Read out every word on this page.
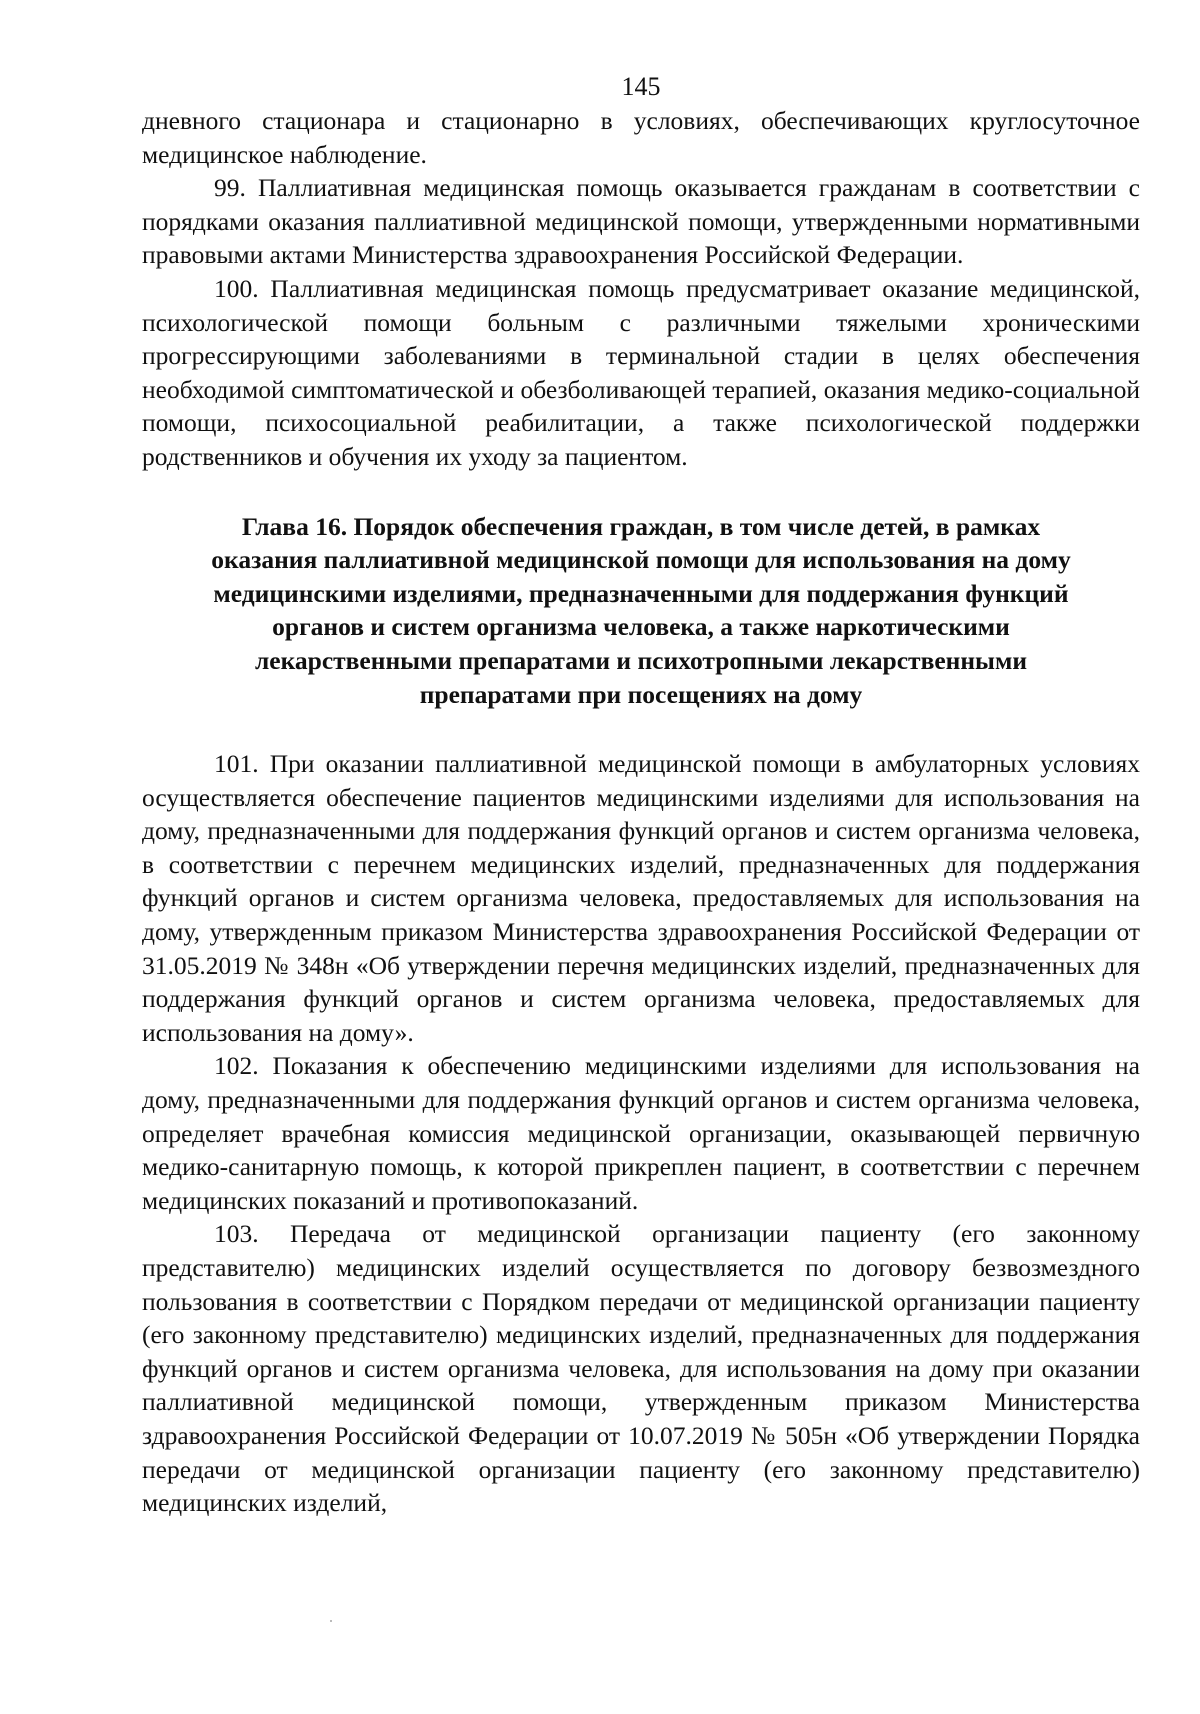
145

дневного стационара и стационарно в условиях, обеспечивающих круглосуточное медицинское наблюдение.

99. Паллиативная медицинская помощь оказывается гражданам в соответствии с порядками оказания паллиативной медицинской помощи, утвержденными нормативными правовыми актами Министерства здравоохранения Российской Федерации.

100. Паллиативная медицинская помощь предусматривает оказание медицинской, психологической помощи больным с различными тяжелыми хроническими прогрессирующими заболеваниями в терминальной стадии в целях обеспечения необходимой симптоматической и обезболивающей терапией, оказания медико-социальной помощи, психосоциальной реабилитации, а также психологической поддержки родственников и обучения их уходу за пациентом.

Глава 16. Порядок обеспечения граждан, в том числе детей, в рамках
оказания паллиативной медицинской помощи для использования на дому
медицинскими изделиями, предназначенными для поддержания функций
органов и систем организма человека, а также наркотическими
лекарственными препаратами и психотропными лекарственными
препаратами при посещениях на дому

101. При оказании паллиативной медицинской помощи в амбулаторных условиях осуществляется обеспечение пациентов медицинскими изделиями для использования на дому, предназначенными для поддержания функций органов и систем организма человека, в соответствии с перечнем медицинских изделий, предназначенных для поддержания функций органов и систем организма человека, предоставляемых для использования на дому, утвержденным приказом Министерства здравоохранения Российской Федерации от 31.05.2019 № 348н «Об утверждении перечня медицинских изделий, предназначенных для поддержания функций органов и систем организма человека, предоставляемых для использования на дому».

102. Показания к обеспечению медицинскими изделиями для использования на дому, предназначенными для поддержания функций органов и систем организма человека, определяет врачебная комиссия медицинской организации, оказывающей первичную медико-санитарную помощь, к которой прикреплен пациент, в соответствии с перечнем медицинских показаний и противопоказаний.

103. Передача от медицинской организации пациенту (его законному представителю) медицинских изделий осуществляется по договору безвозмездного пользования в соответствии с Порядком передачи от медицинской организации пациенту (его законному представителю) медицинских изделий, предназначенных для поддержания функций органов и систем организма человека, для использования на дому при оказании паллиативной медицинской помощи, утвержденным приказом Министерства здравоохранения Российской Федерации от 10.07.2019 № 505н «Об утверждении Порядка передачи от медицинской организации пациенту (его законному представителю) медицинских изделий,
